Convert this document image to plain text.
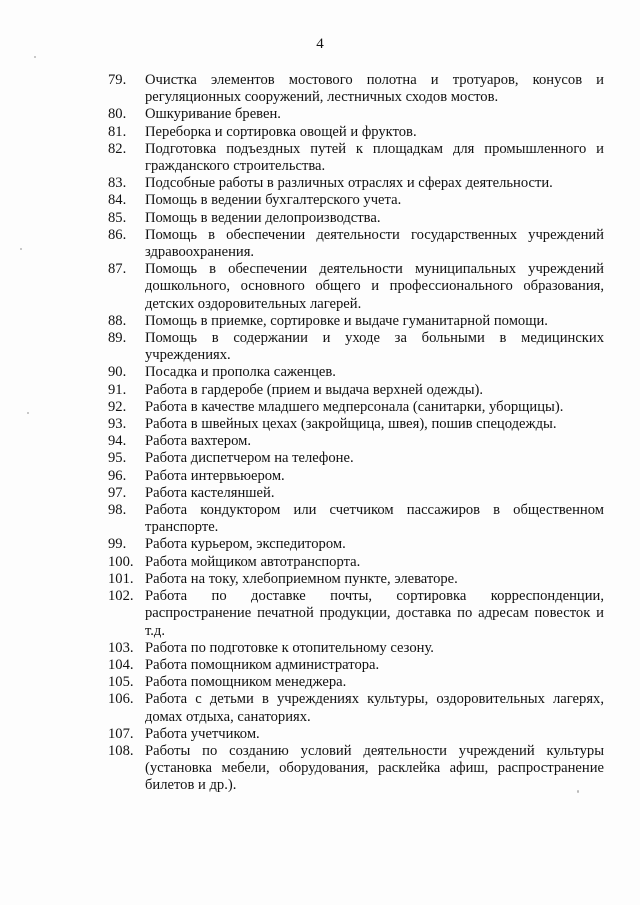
4
79.	Очистка элементов мостового полотна и тротуаров, конусов и регуляционных сооружений, лестничных сходов мостов.
80.	Ошкуривание бревен.
81.	Переборка и сортировка овощей и фруктов.
82.	Подготовка подъездных путей к площадкам для промышленного и гражданского строительства.
83.	Подсобные работы в различных отраслях и сферах деятельности.
84.	Помощь в ведении бухгалтерского учета.
85.	Помощь в ведении делопроизводства.
86.	Помощь в обеспечении деятельности государственных учреждений здравоохранения.
87.	Помощь в обеспечении деятельности муниципальных учреждений дошкольного, основного общего и профессионального образования, детских оздоровительных лагерей.
88.	Помощь в приемке, сортировке и выдаче гуманитарной помощи.
89.	Помощь в содержании и уходе за больными в медицинских учреждениях.
90.	Посадка и прополка саженцев.
91.	Работа в гардеробе (прием и выдача верхней одежды).
92.	Работа в качестве младшего медперсонала (санитарки, уборщицы).
93.	Работа в швейных цехах (закройщица, швея), пошив спецодежды.
94.	Работа вахтером.
95.	Работа диспетчером на телефоне.
96.	Работа интервьюером.
97.	Работа кастеляншей.
98.	Работа кондуктором или счетчиком пассажиров в общественном транспорте.
99.	Работа курьером, экспедитором.
100. Работа мойщиком автотранспорта.
101. Работа на току, хлебоприемном пункте, элеваторе.
102. Работа по доставке почты, сортировка корреспонденции, распространение печатной продукции, доставка по адресам повесток и т.д.
103. Работа по подготовке к отопительному сезону.
104. Работа помощником администратора.
105. Работа помощником менеджера.
106. Работа с детьми в учреждениях культуры, оздоровительных лагерях, домах отдыха, санаториях.
107. Работа учетчиком.
108. Работы по созданию условий деятельности учреждений культуры (установка мебели, оборудования, расклейка афиш, распространение билетов и др.).
